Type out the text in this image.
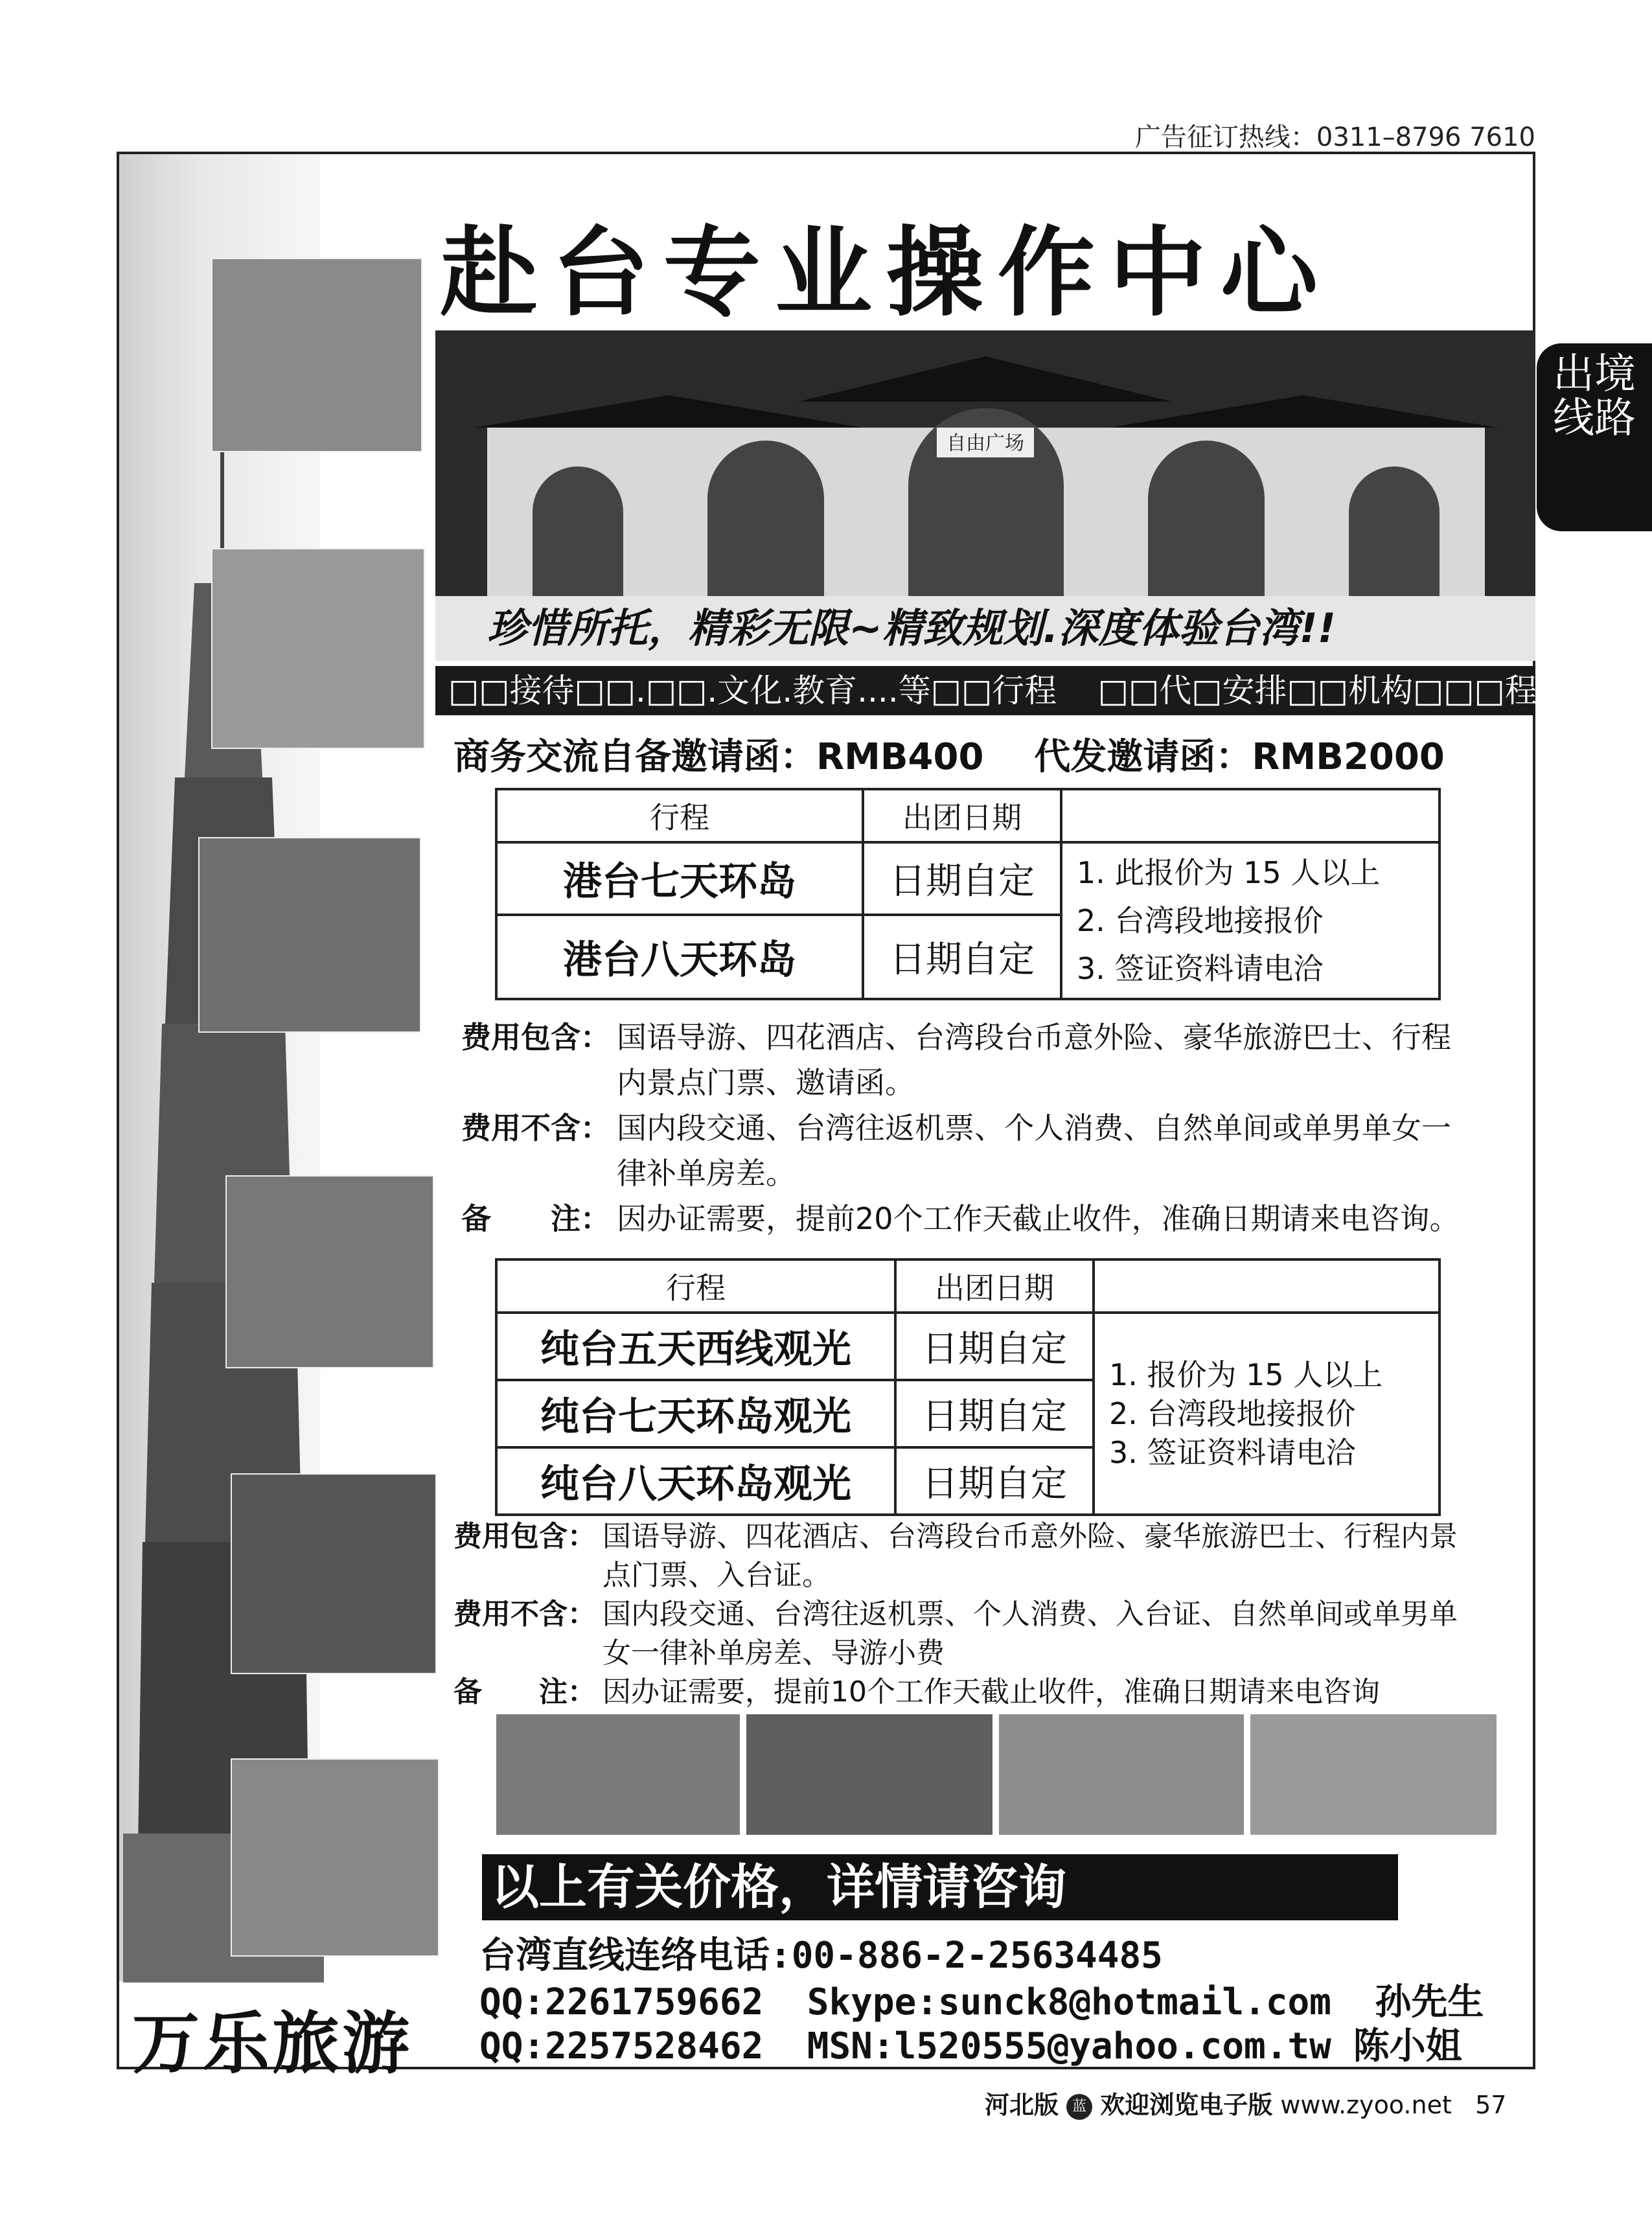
广告征订热线：0311–8796 7610
出境线路
赴台专业操作中心
自由广场
珍惜所托，精彩无限~精致规划.深度体验台湾!!
□□接待□□.□□.文化.教育....等□□行程    □□代□安排□□机构□□□程
商务交流自备邀请函：RMB400 代发邀请函：RMB2000
行程	出团日期	
港台七天环岛	日期自定	1. 此报价为 15 人以上
2. 台湾段地接报价
3. 签证资料请电洽

港台八天环岛	日期自定	
费用包含： 国语导游、四花酒店、台湾段台币意外险、豪华旅游巴士、行程
内景点门票、邀请函。
费用不含： 国内段交通、台湾往返机票、个人消费、自然单间或单男单女一
律补单房差。
备　　注： 因办证需要，提前20个工作天截止收件，准确日期请来电咨询。
行程	出团日期	
纯台五天西线观光	日期自定	1. 报价为 15 人以上
2. 台湾段地接报价
3. 签证资料请电洽

纯台七天环岛观光	日期自定	
纯台八天环岛观光	日期自定	
费用包含： 国语导游、四花酒店、台湾段台币意外险、豪华旅游巴士、行程内景
点门票、入台证。
费用不含： 国内段交通、台湾往返机票、个人消费、入台证、自然单间或单男单
女一律补单房差、导游小费
备　　注： 因办证需要，提前10个工作天截止收件，准确日期请来电咨询
以上有关价格，详情请咨询
台湾直线连络电话:00-886-2-25634485
QQ:2261759662 Skype:sunck8@hotmail.com 孙先生
QQ:2257528462 MSN:l520555@yahoo.com.tw 陈小姐
万乐旅游
河北版 蓝 欢迎浏览电子版 www.zyoo.net 57
